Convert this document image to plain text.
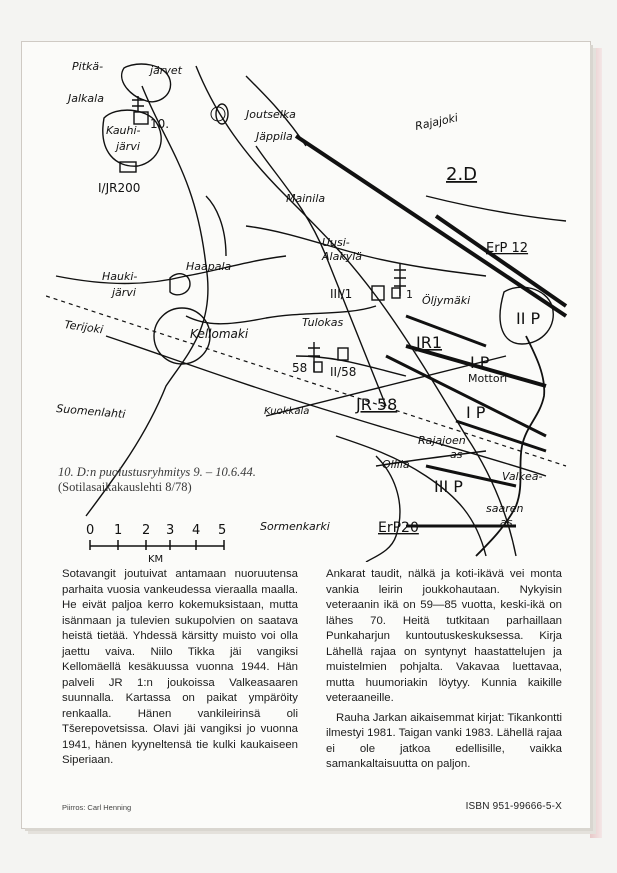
Pitkä-	järvet
Jalkala
10.
Kauhi-
järvi
I/JR200
Joutselka
Jäppila
Rajajoki
2.D
Mainila
ErP 12
Uusi-
Alakylä
Haapala
Hauki-
järvi	III/1	1 Öljymäki
II P
Terijoki	Kellomaki
Tulokas
JR1
I P
58 II/58	Mottori
Suomenlahti	Kuokkala	JR 58	I P
Rajajoen
as
Ollila
III P
Valkea-
saaren
as
Sormenkarki	ErP20
10. D:n puolustusryhmitys 9. – 10.6.44.
(Sotilasaikakauslehti 8/78)
0 1 2 3 4 5
KM

Sotavangit joutuivat antamaan nuoruutensa parhaita vuosia vankeudessa vieraalla maalla. He eivät paljoa kerro kokemuksistaan, mutta isänmaan ja tulevien sukupolvien on saatava heistä tietää. Yhdessä kärsitty muisto voi olla jaettu vaiva. Niilo Tikka jäi vangiksi Kellomäellä kesäkuussa vuonna 1944. Hän palveli JR 1:n joukoissa Valkeasaaren suunnalla. Kartassa on paikat ympäröity renkaalla. Hänen vankileirinsä oli Tšerepovetsissa. Olavi jäi vangiksi jo vuonna 1941, hänen kyyneltensä tie kulki kaukaiseen Siperiaan.

Ankarat taudit, nälkä ja koti-ikävä vei monta vankia leirin joukkohautaan. Nykyisin veteraanin ikä on 59—85 vuotta, keski-ikä on lähes 70. Heitä tutkitaan parhaillaan Punkaharjun kuntoutuskeskuksessa. Kirja Lähellä rajaa on syntynyt haastattelujen ja muistelmien pohjalta. Vakavaa luettavaa, mutta huumoriakin löytyy. Kunnia kaikille veteraaneille.

Rauha Jarkan aikaisemmat kirjat: Tikankontti ilmestyi 1981. Taigan vanki 1983. Lähellä rajaa ei ole jatkoa edellisille, vaikka samankaltaisuutta on paljon.

Piirros: Carl Henning	ISBN 951-99666-5-X
